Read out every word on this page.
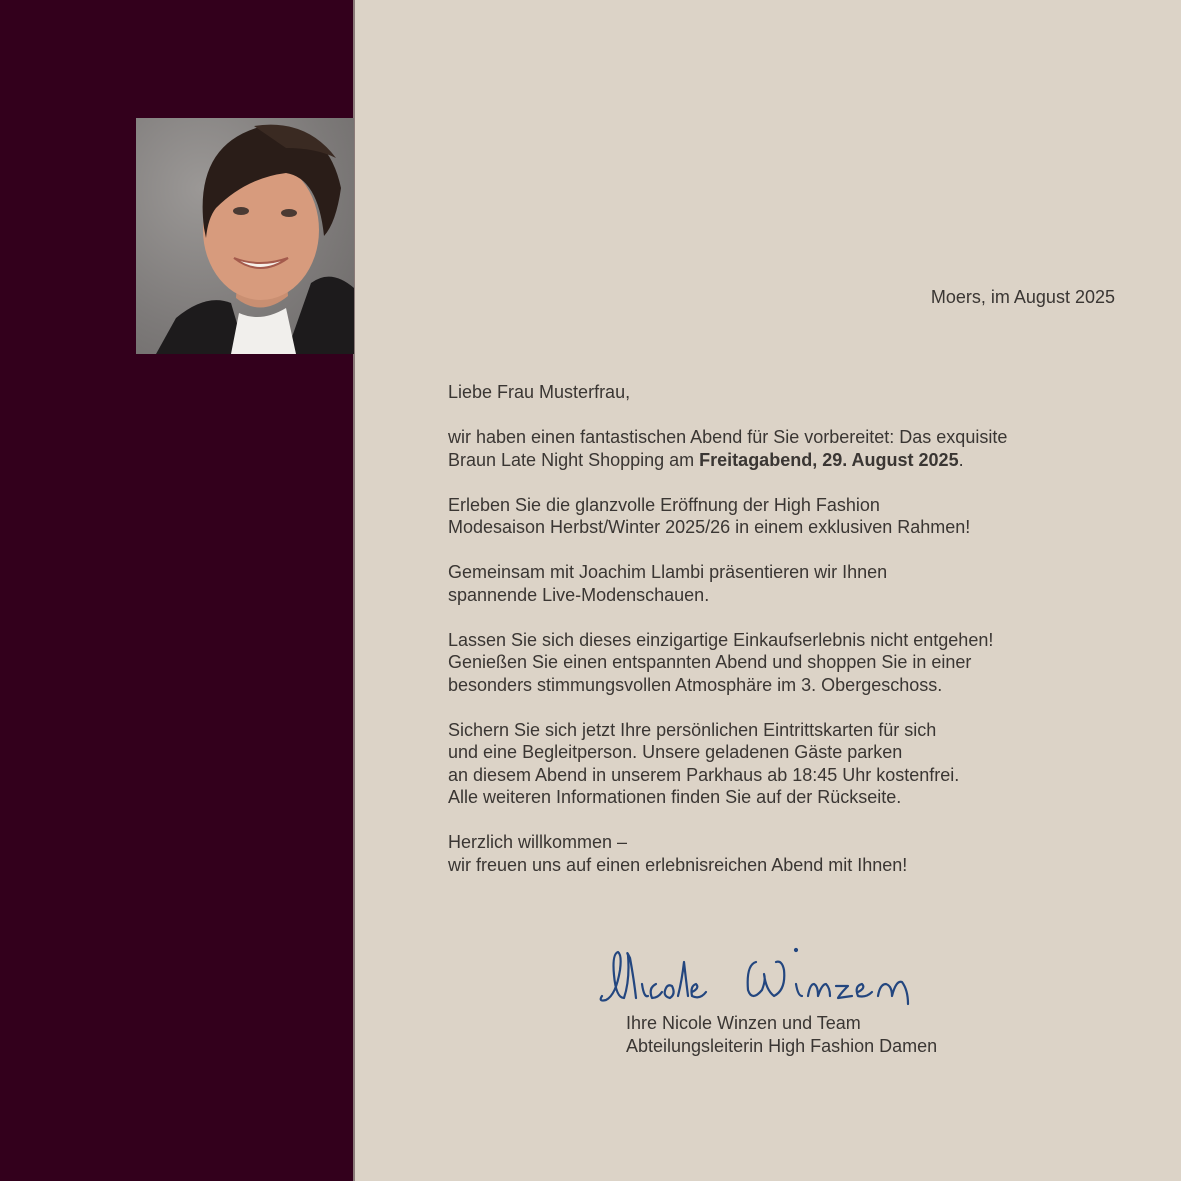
Moers, im August 2025

Liebe Frau Musterfrau,

wir haben einen fantastischen Abend für Sie vorbereitet: Das exquisite
Braun Late Night Shopping am Freitagabend, 29. August 2025.

Erleben Sie die glanzvolle Eröffnung der High Fashion
Modesaison Herbst/Winter 2025/26 in einem exklusiven Rahmen!

Gemeinsam mit Joachim Llambi präsentieren wir Ihnen
spannende Live-Modenschauen.

Lassen Sie sich dieses einzigartige Einkaufserlebnis nicht entgehen!
Genießen Sie einen entspannten Abend und shoppen Sie in einer
besonders stimmungsvollen Atmosphäre im 3. Obergeschoss.

Sichern Sie sich jetzt Ihre persönlichen Eintrittskarten für sich
und eine Begleitperson. Unsere geladenen Gäste parken
an diesem Abend in unserem Parkhaus ab 18:45 Uhr kostenfrei.
Alle weiteren Informationen finden Sie auf der Rückseite.

Herzlich willkommen –
wir freuen uns auf einen erlebnisreichen Abend mit Ihnen!

Ihre Nicole Winzen und Team
Abteilungsleiterin High Fashion Damen
